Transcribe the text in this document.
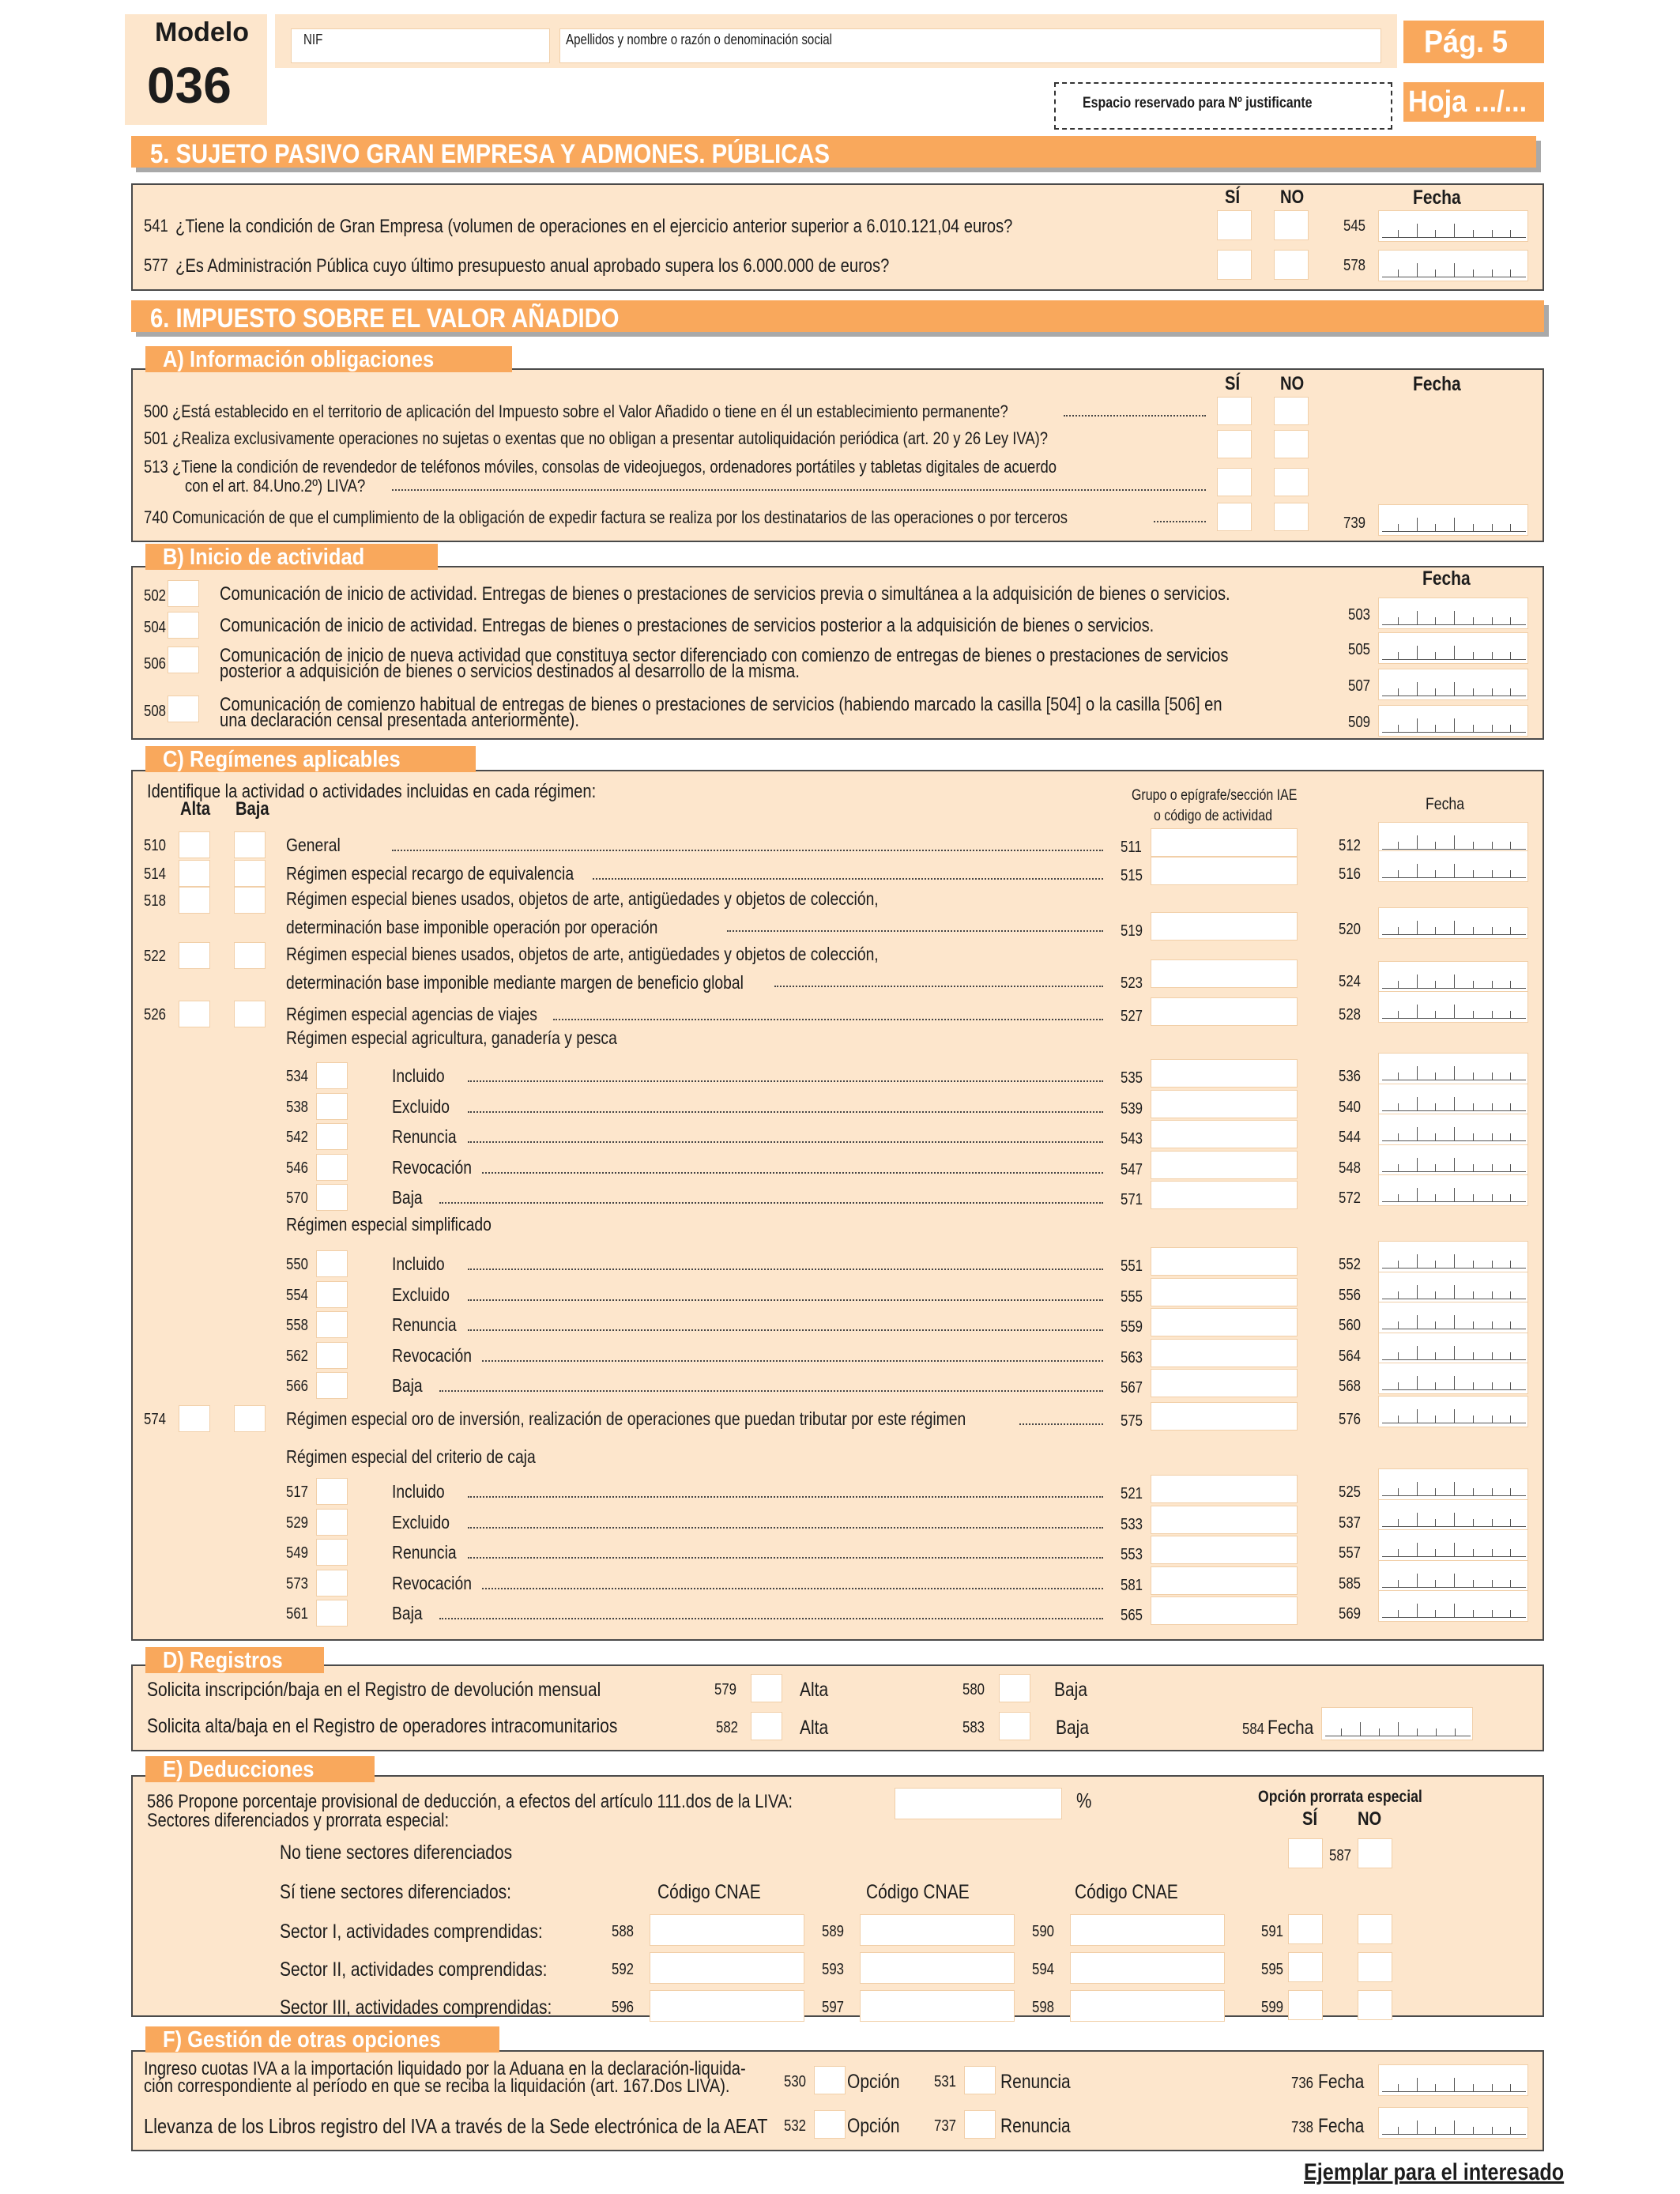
Modelo
036
NIF	Apellidos y nombre o razón o denominación social	Pág. 5
Espacio reservado para Nº justificante	Hoja .../...
5. SUJETO PASIVO GRAN EMPRESA Y ADMONES. PÚBLICAS
SÍ NO	Fecha
541 ¿Tiene la condición de Gran Empresa (volumen de operaciones en el ejercicio anterior superior a 6.010.121,04 euros?	545
577 ¿Es Administración Pública cuyo último presupuesto anual aprobado supera los 6.000.000 de euros?	578
6. IMPUESTO SOBRE EL VALOR AÑADIDO
A) Información obligaciones
SÍ NO	Fecha
500 ¿Está establecido en el territorio de aplicación del Impuesto sobre el Valor Añadido o tiene en él un establecimiento permanente?
501 ¿Realiza exclusivamente operaciones no sujetas o exentas que no obligan a presentar autoliquidación periódica (art. 20 y 26 Ley IVA)?
513 ¿Tiene la condición de revendedor de teléfonos móviles, consolas de videojuegos, ordenadores portátiles y tabletas digitales de acuerdo
con el art. 84.Uno.2º) LIVA?
740 Comunicación de que el cumplimiento de la obligación de expedir factura se realiza por los destinatarios de las operaciones o por terceros	739
B) Inicio de actividad
Fecha
502	Comunicación de inicio de actividad. Entregas de bienes o prestaciones de servicios previa o simultánea a la adquisición de bienes o servicios.
503
504	Comunicación de inicio de actividad. Entregas de bienes o prestaciones de servicios posterior a la adquisición de bienes o servicios.
505
506	Comunicación de inicio de nueva actividad que constituya sector diferenciado con comienzo de entregas de bienes o prestaciones de servicios
posterior a adquisición de bienes o servicios destinados al desarrollo de la misma.
507
508	Comunicación de comienzo habitual de entregas de bienes o prestaciones de servicios (habiendo marcado la casilla [504] o la casilla [506] en
una declaración censal presentada anteriormente).	509
C) Regímenes aplicables
Identifique la actividad o actividades incluidas en cada régimen:
Alta Baja
Grupo o epígrafe/sección IAE
o código de actividad
Fecha
D) Registros
Solicita inscripción/baja en el Registro de devolución mensual	579	Alta	580	Baja
Solicita alta/baja en el Registro de operadores intracomunitarios	582	Alta	583	Baja	584 Fecha
E) Deducciones
586 Propone porcentaje provisional de deducción, a efectos del artículo 111.dos de la LIVA:
Sectores diferenciados y prorrata especial:
%	Opción prorrata especial
SÍ NO
No tiene sectores diferenciados	587
Sí tiene sectores diferenciados:	Código CNAE	Código CNAE	Código CNAE
F) Gestión de otras opciones
Ingreso cuotas IVA a la importación liquidado por la Aduana en la declaración-liquida-
ción correspondiente al período en que se reciba la liquidación (art. 167.Dos LIVA).	530 Opción 531 Renuncia	736 Fecha
Llevanza de los Libros registro del IVA a través de la Sede electrónica de la AEAT 532 Opción 737 Renuncia	738 Fecha
Ejemplar para el interesado
510	General	511	512
514	Régimen especial recargo de equivalencia	515	516
518	Régimen especial bienes usados, objetos de arte, antigüedades y objetos de colección,
determinación base imponible operación por operación	519	520
522	Régimen especial bienes usados, objetos de arte, antigüedades y objetos de colección,
determinación base imponible mediante margen de beneficio global	523	524
526	Régimen especial agencias de viajes	527	528
Régimen especial agricultura, ganadería y pesca
534	Incluido	535	536
538	Excluido	539	540
542	Renuncia	543	544
546	Revocación	547	548
570	Baja	571	572
Régimen especial simplificado
550	Incluido	551	552
554	Excluido	555	556
558	Renuncia	559	560
562	Revocación	563	564
566	Baja	567	568
574	Régimen especial oro de inversión, realización de operaciones que puedan tributar por este régimen	575	576
Régimen especial del criterio de caja
517	Incluido	521	525
529	Excluido	533	537
549	Renuncia	553	557
573	Revocación	581	585
561	Baja	565	569
Sector I, actividades comprendidas:	588	589	590	591
Sector II, actividades comprendidas:	592	593	594	595
Sector III, actividades comprendidas:	596	597	598	599
